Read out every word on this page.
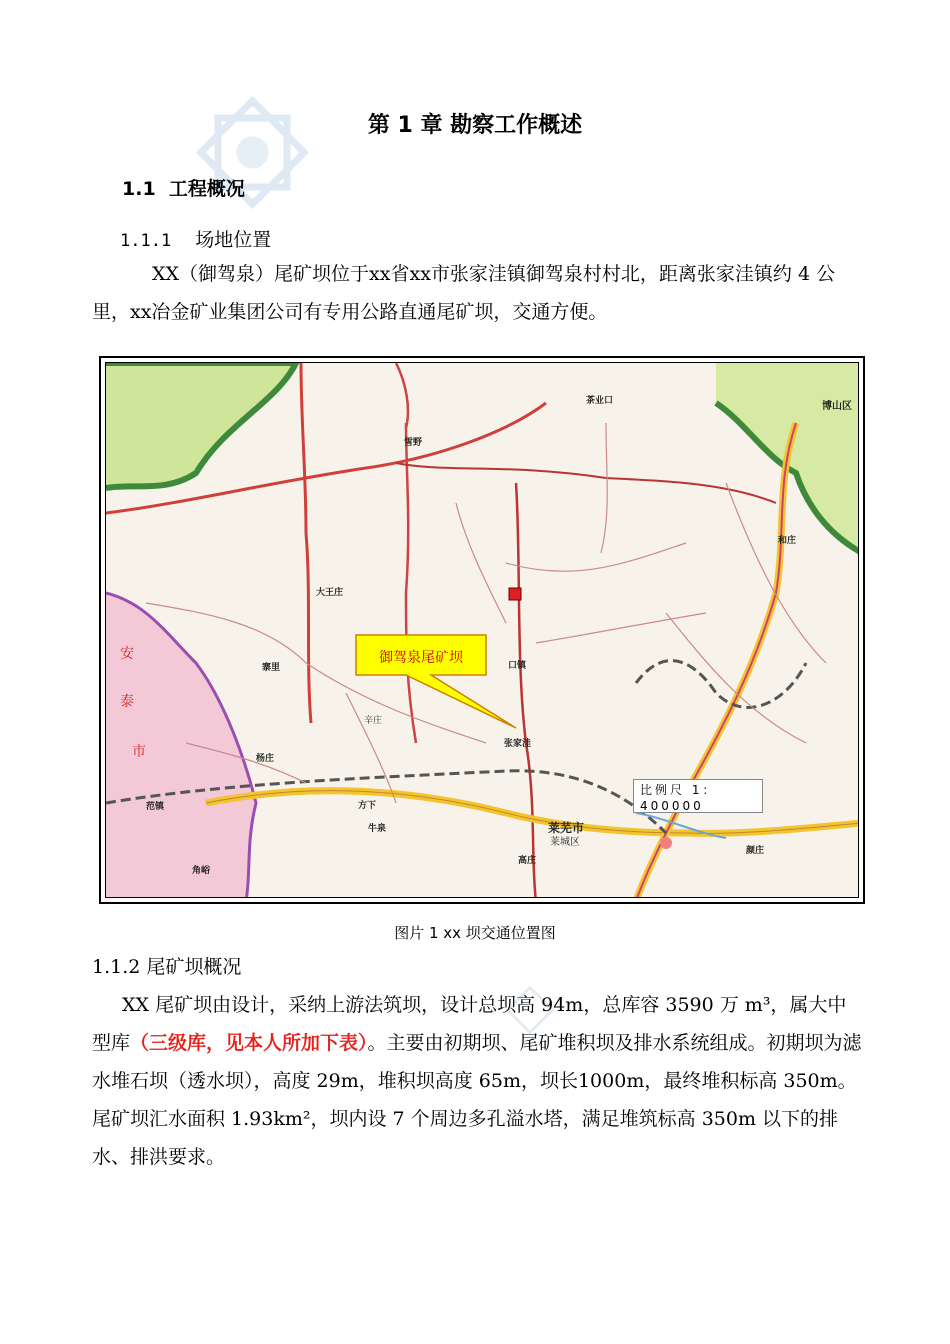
第 1 章 勘察工作概述
1.1 工程概况
1.1.1 场地位置
XX（御驾泉）尾矿坝位于xx省xx市张家洼镇御驾泉村村北，距离张家洼镇约 4 公里，xx冶金矿业集团公司有专用公路直通尾矿坝，交通方便。
博山区
茶业口
雪野
大王庄
寨里
杨庄
口镇
张家洼
莱芜市
莱城区
方下
牛泉
高庄
和庄
颜庄
范镇
角峪
辛庄
安
泰
市
御驾泉尾矿坝
比例尺 1：400000
图片 1 xx 坝交通位置图
1.1.2 尾矿坝概况
XX 尾矿坝由设计，采纳上游法筑坝，设计总坝高 94m，总库容 3590 万 m³，属大中型库（三级库，见本人所加下表）。主要由初期坝、尾矿堆积坝及排水系统组成。初期坝为滤水堆石坝（透水坝），高度 29m，堆积坝高度 65m，坝长1000m，最终堆积标高 350m。尾矿坝汇水面积 1.93km²，坝内设 7 个周边多孔溢水塔，满足堆筑标高 350m 以下的排水、排洪要求。
